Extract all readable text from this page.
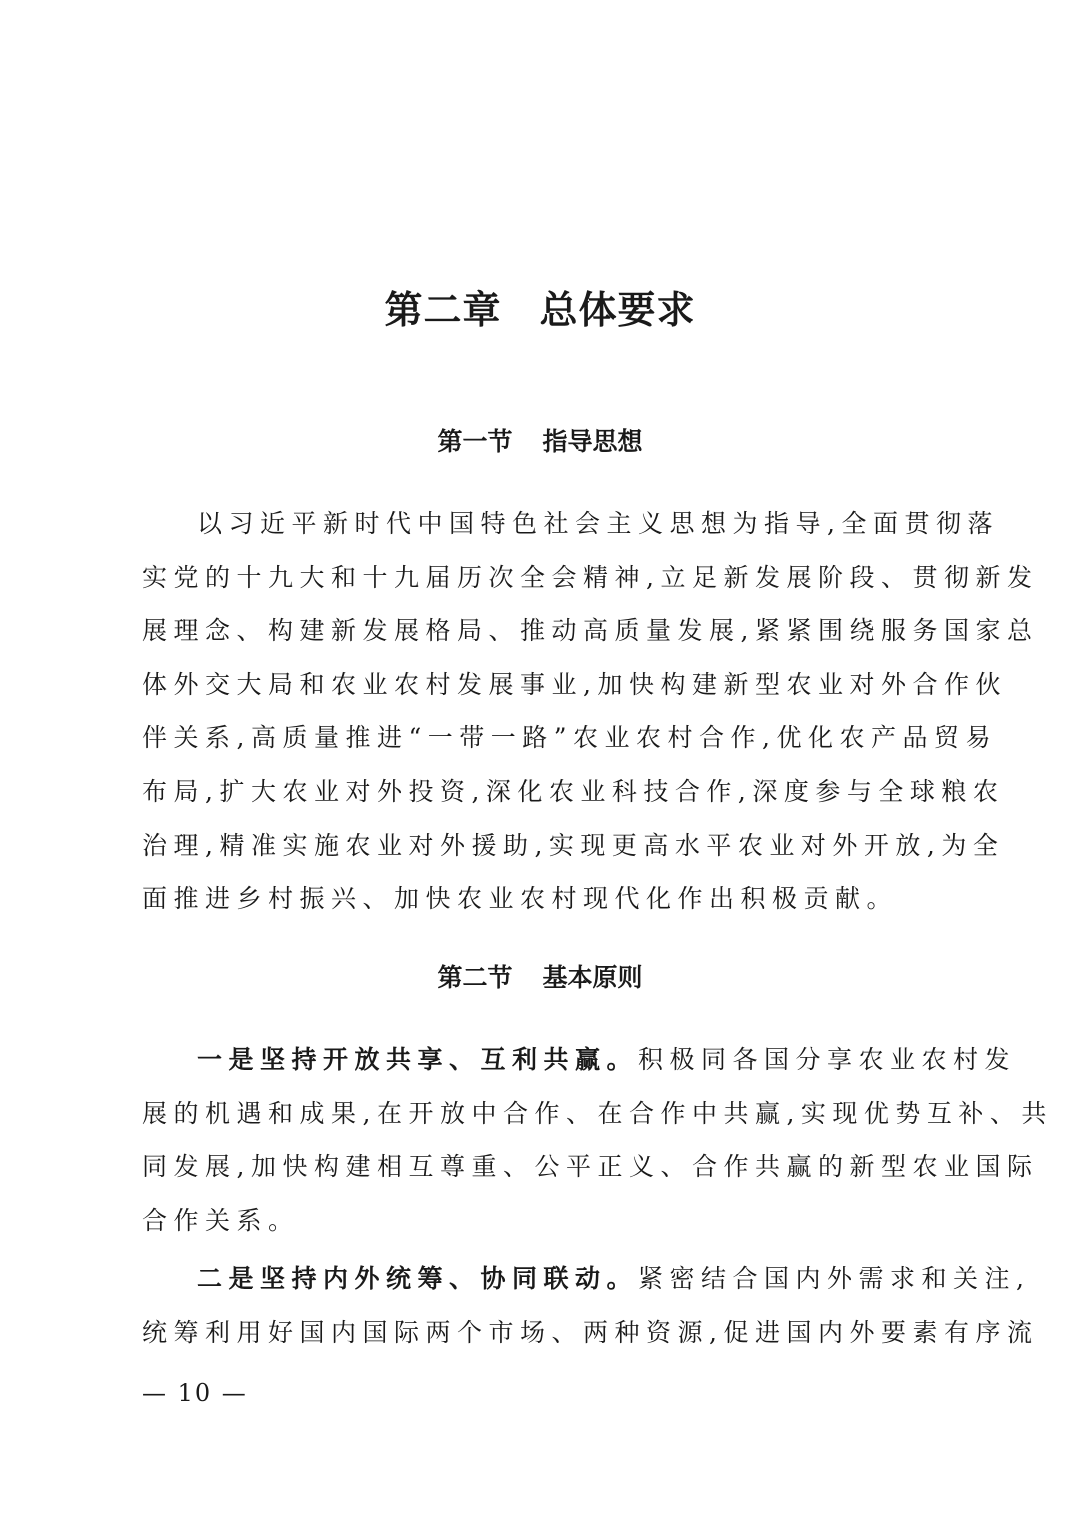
第二章 总体要求
第一节 指导思想
以习近平新时代中国特色社会主义思想为指导,全面贯彻落
实党的十九大和十九届历次全会精神,立足新发展阶段、贯彻新发
展理念、构建新发展格局、推动高质量发展,紧紧围绕服务国家总
体外交大局和农业农村发展事业,加快构建新型农业对外合作伙
伴关系,高质量推进“一带一路”农业农村合作,优化农产品贸易
布局,扩大农业对外投资,深化农业科技合作,深度参与全球粮农
治理,精准实施农业对外援助,实现更高水平农业对外开放,为全
面推进乡村振兴、加快农业农村现代化作出积极贡献。
第二节 基本原则
一是坚持开放共享、互利共赢。积极同各国分享农业农村发
展的机遇和成果,在开放中合作、在合作中共赢,实现优势互补、共
同发展,加快构建相互尊重、公平正义、合作共赢的新型农业国际
合作关系。
二是坚持内外统筹、协同联动。紧密结合国内外需求和关注,
统筹利用好国内国际两个市场、两种资源,促进国内外要素有序流
— 10 —
